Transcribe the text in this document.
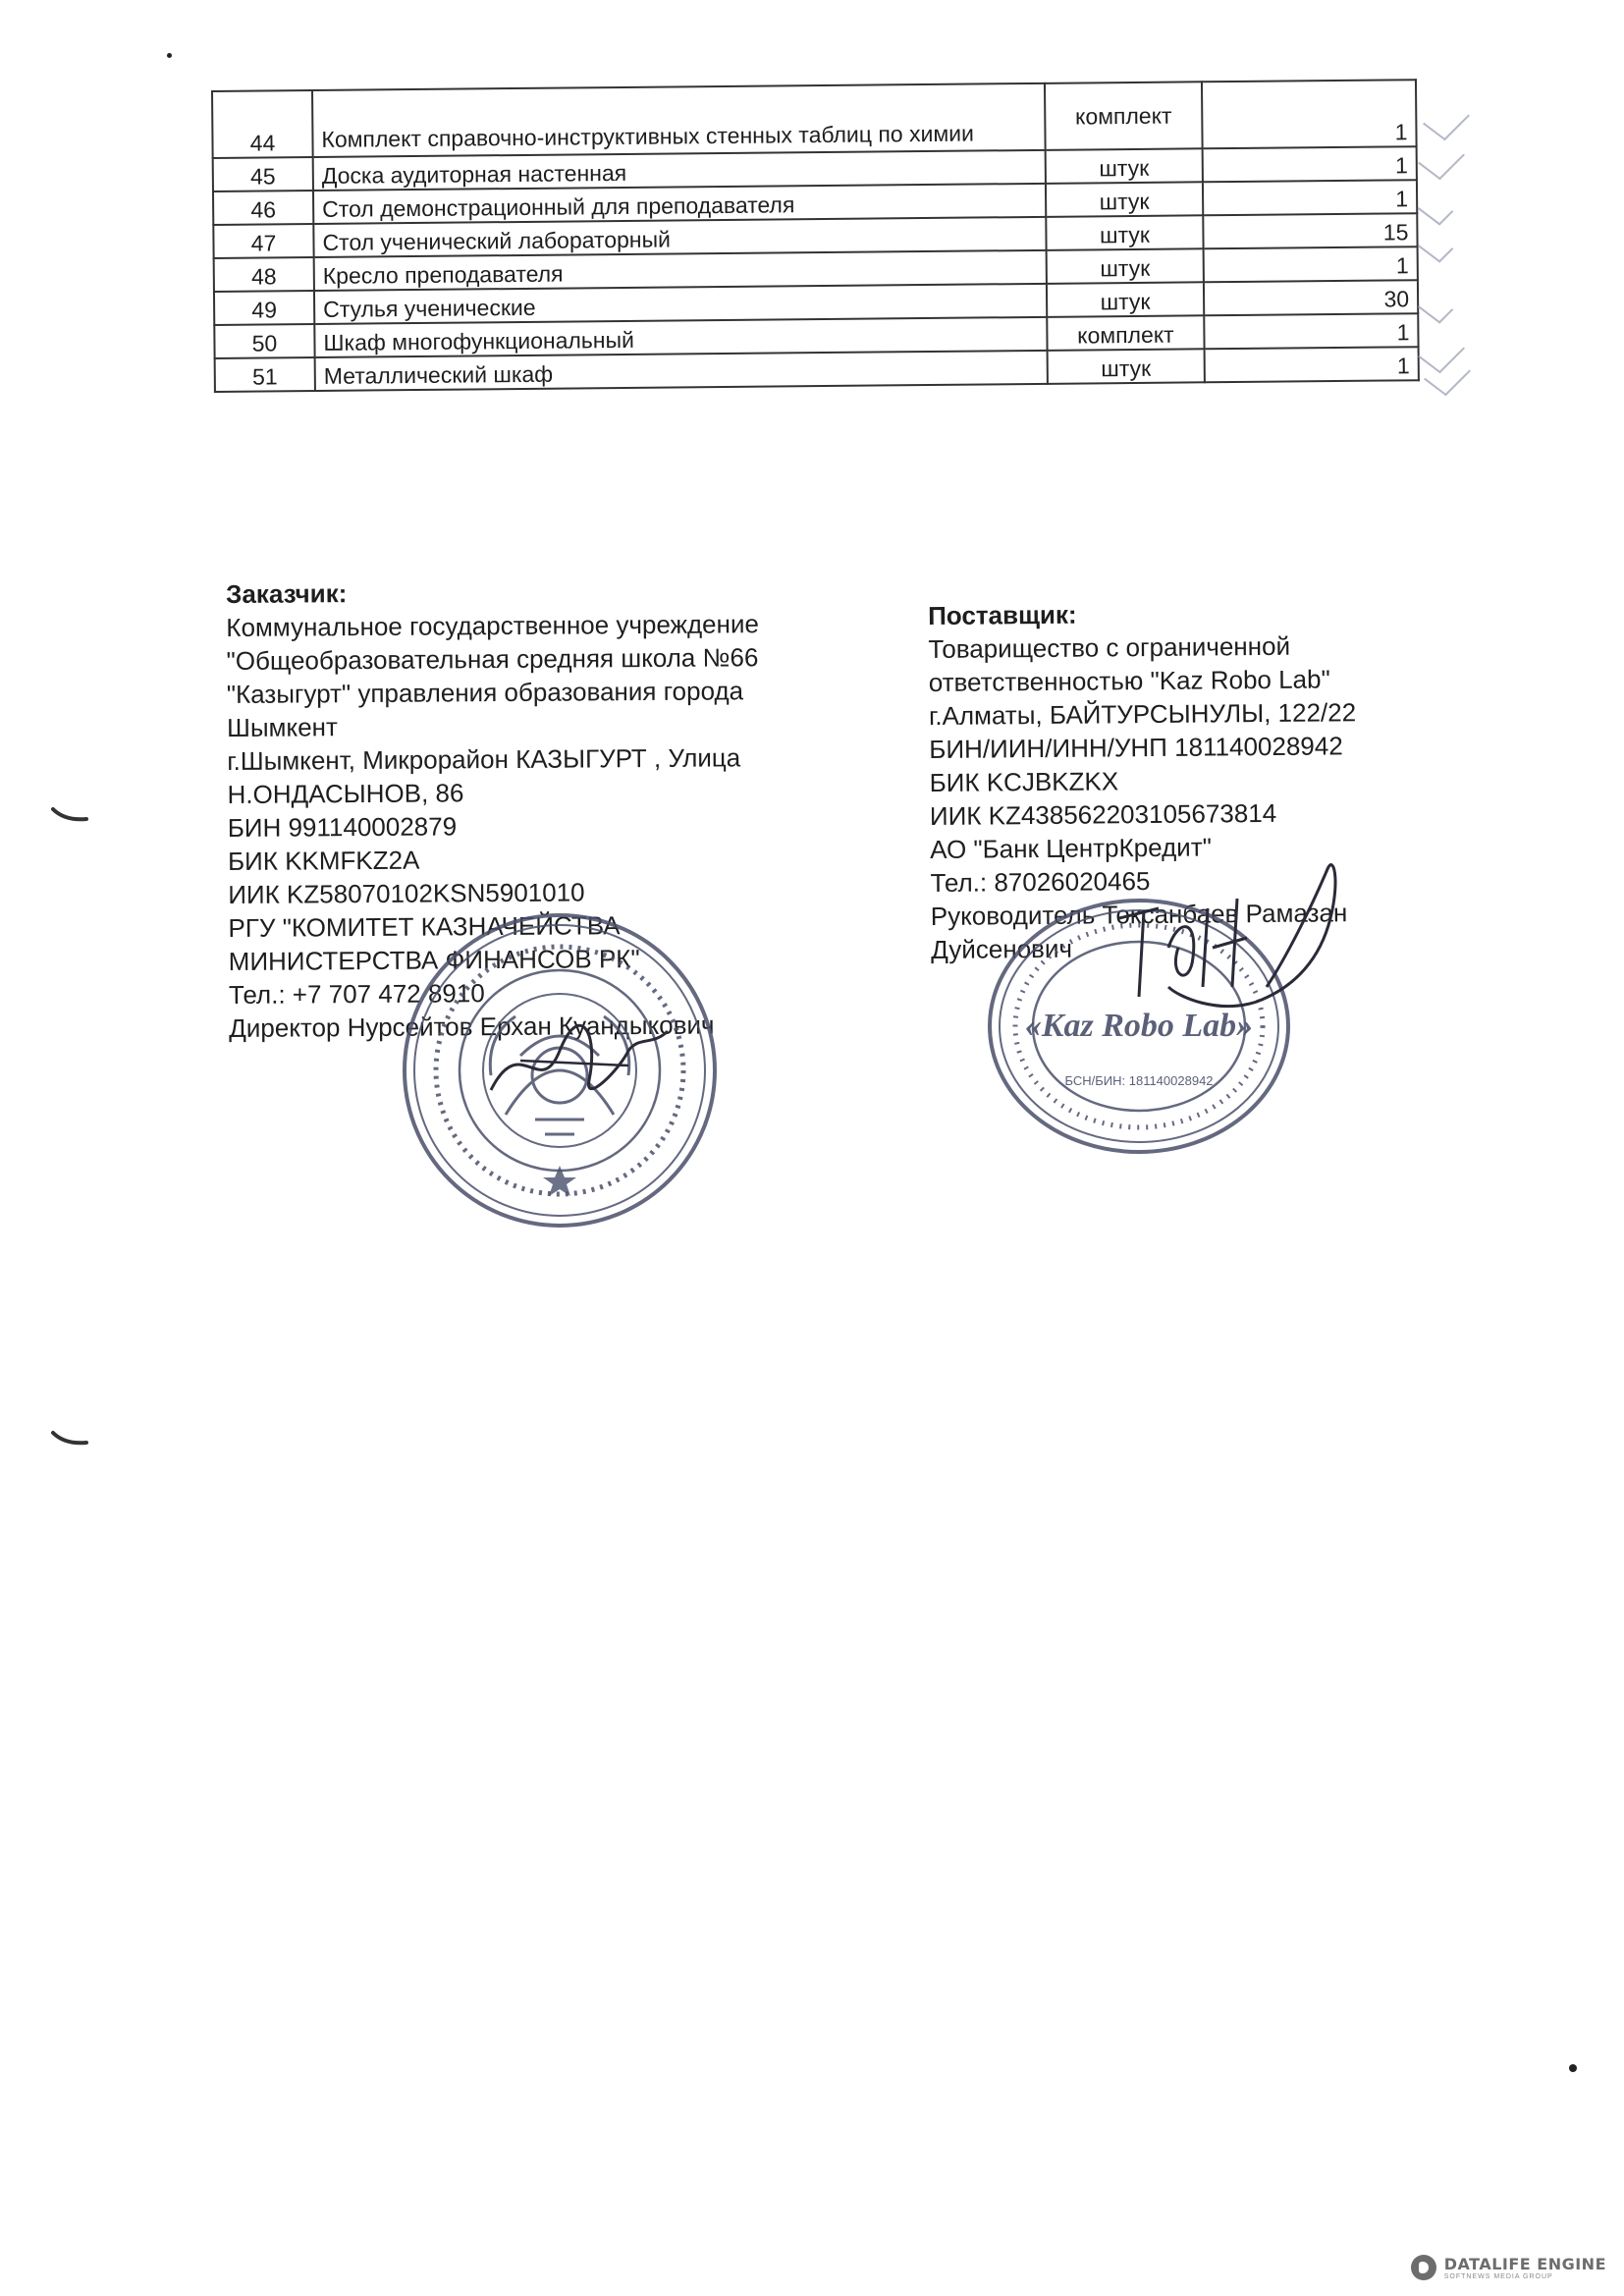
44	Комплект справочно-инструктивных стенных таблиц по химии	комплект	1
45	Доска аудиторная настенная	штук	1
46	Стол демонстрационный для преподавателя	штук	1
47	Стол ученический лабораторный	штук	15
48	Кресло преподавателя	штук	1
49	Стулья ученические	штук	30
50	Шкаф многофункциональный	комплект	1
51	Металлический шкаф	штук	1
Заказчик:
Коммунальное государственное учреждение
"Общеобразовательная средняя школа №66
"Казыгурт" управления образования города
Шымкент
г.Шымкент, Микрорайон КАЗЫГУРТ , Улица
Н.ОНДАСЫНОВ, 86
БИН 991140002879
БИК KKMFKZ2A
ИИК KZ58070102KSN5901010
РГУ "КОМИТЕТ КАЗНАЧЕЙСТВА
МИНИСТЕРСТВА ФИНАНСОВ РК"
Тел.: +7 707 472 8910
Директор Нурсейтов Ерхан Куандыкович
Поставщик:
Товарищество с ограниченной
ответственностью "Kaz Robo Lab"
г.Алматы, БАЙТУРСЫНУЛЫ, 122/22
БИН/ИИН/ИНН/УНП 181140028942
БИК KCJBKZKX
ИИК KZ438562203105673814
АО "Банк ЦентрКредит"
Тел.: 87026020465
Руководитель Токсанбаев Рамазан
Дуйсенович
«Kaz Robo Lab»
БСН/БИН: 181140028942
DATALIFE ENGINE
SOFTNEWS MEDIA GROUP
